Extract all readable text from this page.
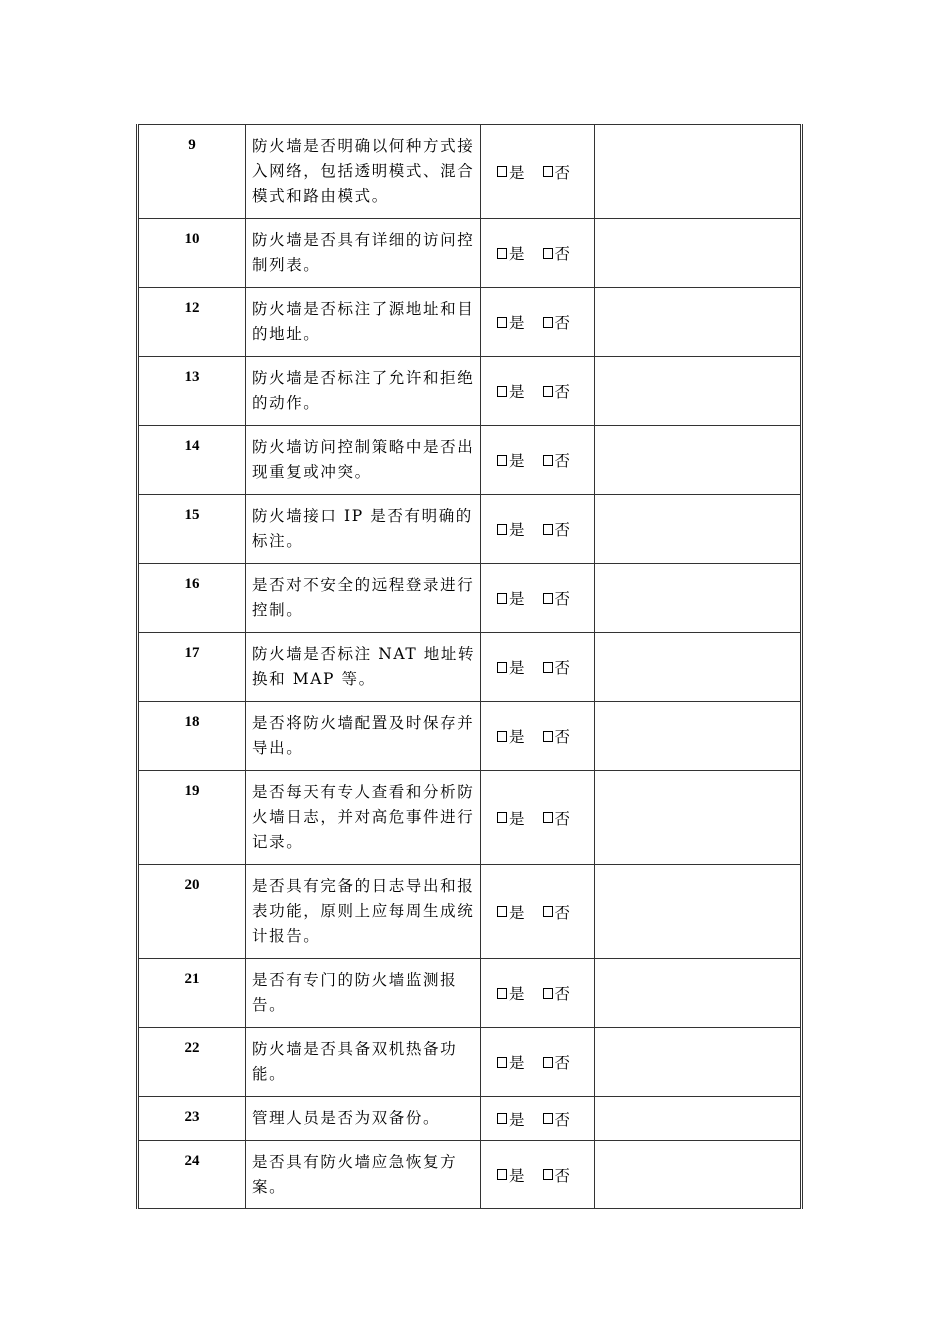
9	防火墙是否明确以何种方式接入网络，包括透明模式、混合模式和路由模式。	是 否	

10	防火墙是否具有详细的访问控制列表。	是 否	

12	防火墙是否标注了源地址和目的地址。	是 否	

13	防火墙是否标注了允许和拒绝的动作。	是 否	

14	防火墙访问控制策略中是否出现重复或冲突。	是 否	

15	防火墙接口 IP 是否有明确的标注。	是 否	

16	是否对不安全的远程登录进行控制。	是 否	

17	防火墙是否标注 NAT 地址转换和 MAP 等。	是 否	

18	是否将防火墙配置及时保存并导出。	是 否	

19	是否每天有专人查看和分析防火墙日志，并对高危事件进行记录。	是 否	

20	是否具有完备的日志导出和报表功能，原则上应每周生成统计报告。	是 否	

21	是否有专门的防火墙监测报告。	是 否	

22	防火墙是否具备双机热备功能。	是 否	

23	管理人员是否为双备份。	是 否	

24	是否具有防火墙应急恢复方案。	是 否	
